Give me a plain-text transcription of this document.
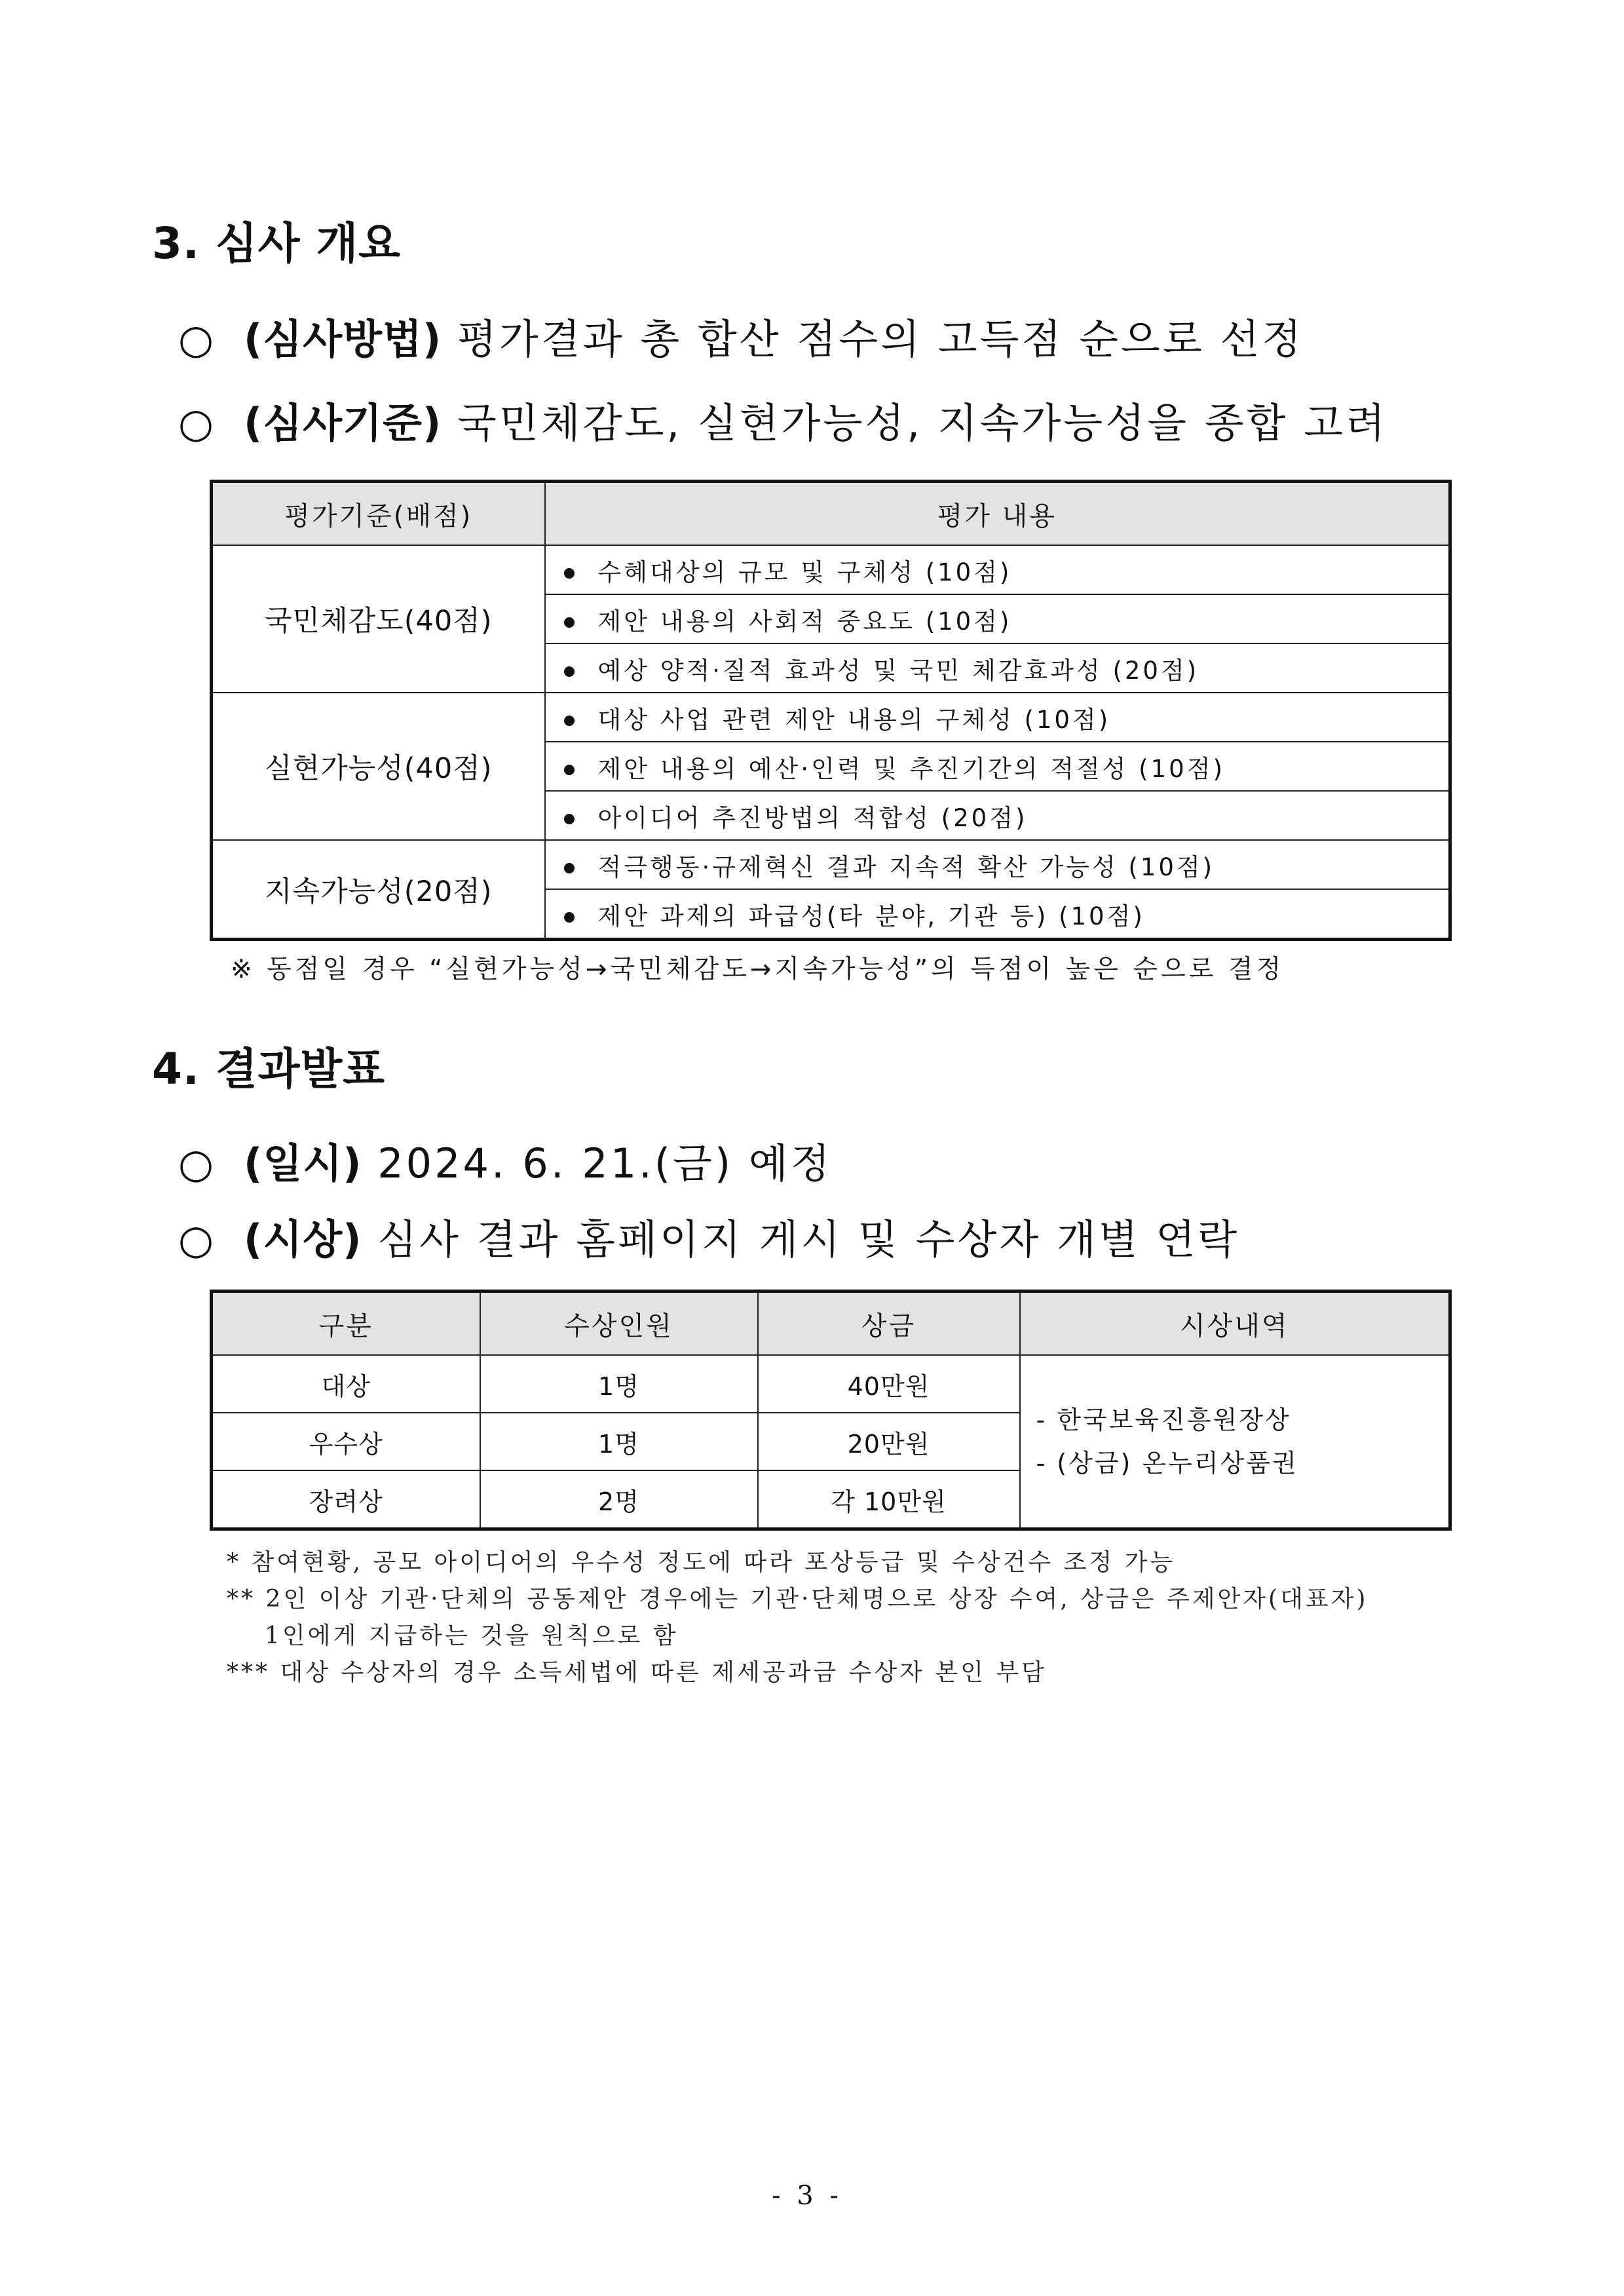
3. 심사 개요
○ (심사방법) 평가결과 총 합산 점수의 고득점 순으로 선정
○ (심사기준) 국민체감도, 실현가능성, 지속가능성을 종합 고려
평가기준(배점)	평가 내용
국민체감도(40점)	수혜대상의 규모 및 구체성 (10점)
	제안 내용의 사회적 중요도 (10점)
	예상 양적·질적 효과성 및 국민 체감효과성 (20점)
실현가능성(40점)	대상 사업 관련 제안 내용의 구체성 (10점)
	제안 내용의 예산·인력 및 추진기간의 적절성 (10점)
	아이디어 추진방법의 적합성 (20점)
지속가능성(20점)	적극행동·규제혁신 결과 지속적 확산 가능성 (10점)
	제안 과제의 파급성(타 분야, 기관 등) (10점)
※ 동점일 경우 “실현가능성→국민체감도→지속가능성”의 득점이 높은 순으로 결정
4. 결과발표
○ (일시) 2024. 6. 21.(금) 예정
○ (시상) 심사 결과 홈페이지 게시 및 수상자 개별 연락
구분	수상인원	상금	시상내역
대상	1명	40만원	- 한국보육진흥원장상
- (상금) 온누리상품권

우수상	1명	20만원	
장려상	2명	각 10만원	
* 참여현황, 공모 아이디어의 우수성 정도에 따라 포상등급 및 수상건수 조정 가능
** 2인 이상 기관·단체의 공동제안 경우에는 기관·단체명으로 상장 수여, 상금은 주제안자(대표자)
1인에게 지급하는 것을 원칙으로 함
*** 대상 수상자의 경우 소득세법에 따른 제세공과금 수상자 본인 부담
- 3 -
